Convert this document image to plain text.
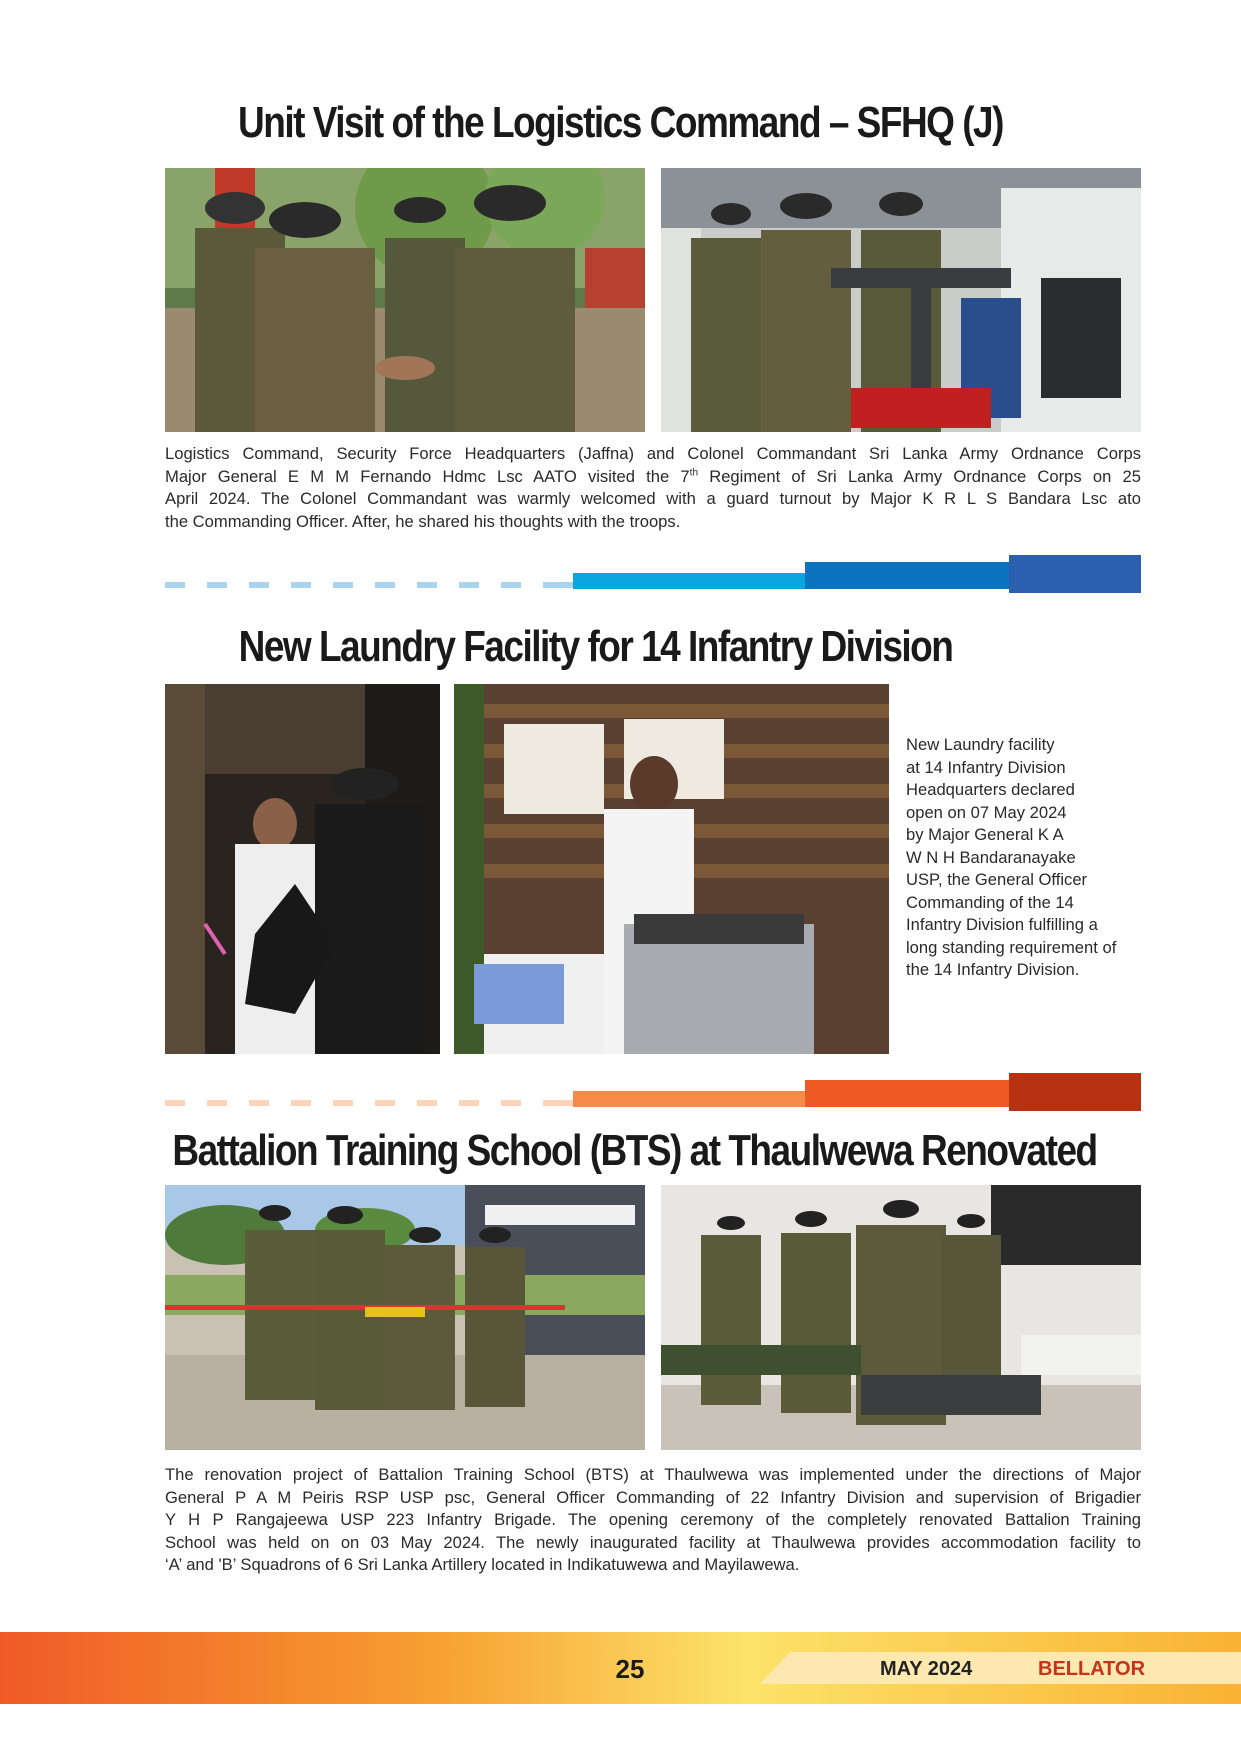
Unit Visit of the Logistics Command – SFHQ (J)
Logistics Command, Security Force Headquarters (Jaffna) and Colonel Commandant Sri Lanka Army Ordnance Corps
Major General E M M Fernando Hdmc Lsc AATO visited the 7th Regiment of Sri Lanka Army Ordnance Corps on 25
April 2024. The Colonel Commandant was warmly welcomed with a guard turnout by Major K R L S Bandara Lsc ato
the Commanding Officer. After, he shared his thoughts with the troops.
New Laundry Facility for 14 Infantry Division
New Laundry facility
at 14 Infantry Division
Headquarters declared
open on 07 May 2024
by Major General K A
W N H Bandaranayake
USP, the General Officer
Commanding of the 14
Infantry Division fulfilling a
long standing requirement of
the 14 Infantry Division.
Battalion Training School (BTS) at Thaulwewa Renovated
The renovation project of Battalion Training School (BTS) at Thaulwewa was implemented under the directions of Major
General P A M Peiris RSP USP psc, General Officer Commanding of 22 Infantry Division and supervision of Brigadier
Y H P Rangajeewa USP 223 Infantry Brigade. The opening ceremony of the completely renovated Battalion Training
School was held on on 03 May 2024. The newly inaugurated facility at Thaulwewa provides accommodation facility to
‘A’ and 'B’ Squadrons of 6 Sri Lanka Artillery located in Indikatuwewa and Mayilawewa.
25	MAY 2024	BELLATOR
